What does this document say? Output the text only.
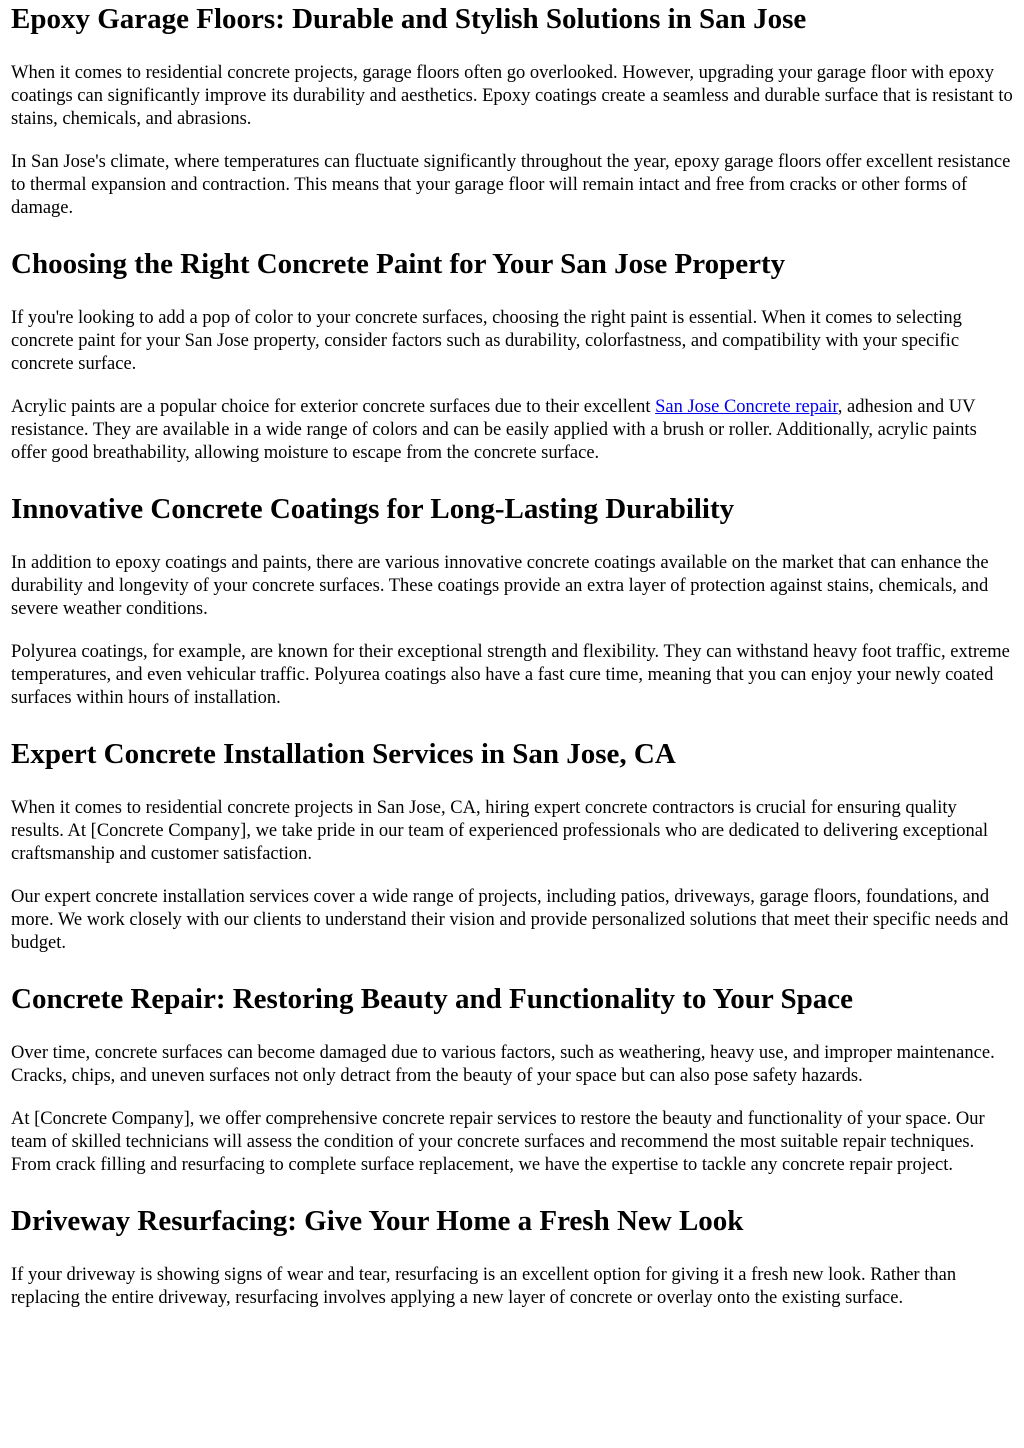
Epoxy Garage Floors: Durable and Stylish Solutions in San Jose

When it comes to residential concrete projects, garage floors often go overlooked. However, upgrading your garage floor with epoxy coatings can significantly improve its durability and aesthetics. Epoxy coatings create a seamless and durable surface that is resistant to stains, chemicals, and abrasions.

In San Jose's climate, where temperatures can fluctuate significantly throughout the year, epoxy garage floors offer excellent resistance to thermal expansion and contraction. This means that your garage floor will remain intact and free from cracks or other forms of damage.

Choosing the Right Concrete Paint for Your San Jose Property

If you're looking to add a pop of color to your concrete surfaces, choosing the right paint is essential. When it comes to selecting concrete paint for your San Jose property, consider factors such as durability, colorfastness, and compatibility with your specific concrete surface.

Acrylic paints are a popular choice for exterior concrete surfaces due to their excellent San Jose Concrete repair, adhesion and UV resistance. They are available in a wide range of colors and can be easily applied with a brush or roller. Additionally, acrylic paints offer good breathability, allowing moisture to escape from the concrete surface.

Innovative Concrete Coatings for Long-Lasting Durability

In addition to epoxy coatings and paints, there are various innovative concrete coatings available on the market that can enhance the durability and longevity of your concrete surfaces. These coatings provide an extra layer of protection against stains, chemicals, and severe weather conditions.

Polyurea coatings, for example, are known for their exceptional strength and flexibility. They can withstand heavy foot traffic, extreme temperatures, and even vehicular traffic. Polyurea coatings also have a fast cure time, meaning that you can enjoy your newly coated surfaces within hours of installation.

Expert Concrete Installation Services in San Jose, CA

When it comes to residential concrete projects in San Jose, CA, hiring expert concrete contractors is crucial for ensuring quality results. At [Concrete Company], we take pride in our team of experienced professionals who are dedicated to delivering exceptional craftsmanship and customer satisfaction.

Our expert concrete installation services cover a wide range of projects, including patios, driveways, garage floors, foundations, and more. We work closely with our clients to understand their vision and provide personalized solutions that meet their specific needs and budget.

Concrete Repair: Restoring Beauty and Functionality to Your Space

Over time, concrete surfaces can become damaged due to various factors, such as weathering, heavy use, and improper maintenance. Cracks, chips, and uneven surfaces not only detract from the beauty of your space but can also pose safety hazards.

At [Concrete Company], we offer comprehensive concrete repair services to restore the beauty and functionality of your space. Our team of skilled technicians will assess the condition of your concrete surfaces and recommend the most suitable repair techniques. From crack filling and resurfacing to complete surface replacement, we have the expertise to tackle any concrete repair project.

Driveway Resurfacing: Give Your Home a Fresh New Look

If your driveway is showing signs of wear and tear, resurfacing is an excellent option for giving it a fresh new look. Rather than replacing the entire driveway, resurfacing involves applying a new layer of concrete or overlay onto the existing surface.
